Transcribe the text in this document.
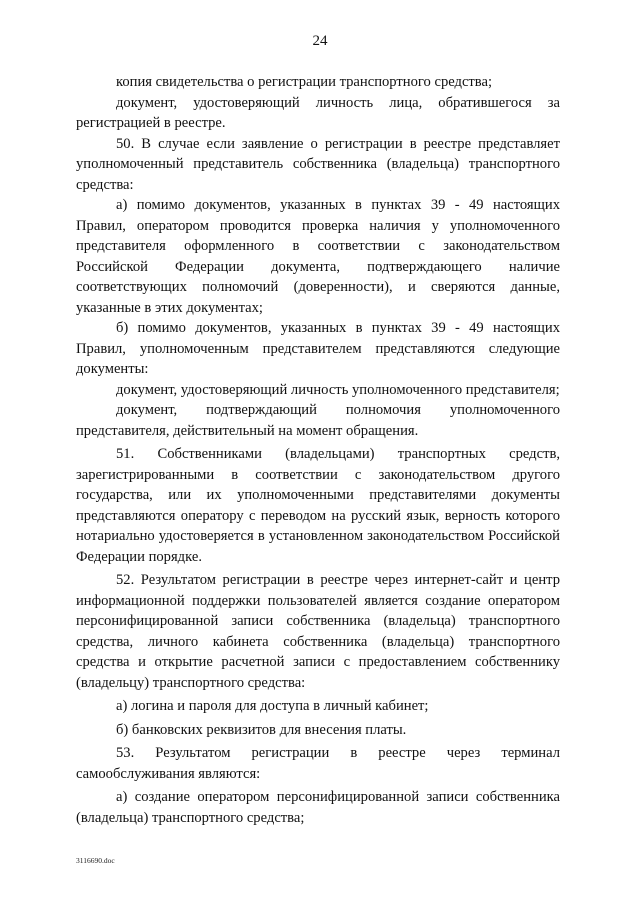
24

копия свидетельства о регистрации транспортного средства;

документ, удостоверяющий личность лица, обратившегося за регистрацией в реестре.

50. В случае если заявление о регистрации в реестре представляет уполномоченный представитель собственника (владельца) транспортного средства:

а) помимо документов, указанных в пунктах 39 - 49 настоящих Правил, оператором проводится проверка наличия у уполномоченного представителя оформленного в соответствии с законодательством Российской Федерации документа, подтверждающего наличие соответствующих полномочий (доверенности), и сверяются данные, указанные в этих документах;

б) помимо документов, указанных в пунктах 39 - 49 настоящих Правил, уполномоченным представителем представляются следующие документы:

документ, удостоверяющий личность уполномоченного представителя;

документ, подтверждающий полномочия уполномоченного представителя, действительный на момент обращения.

51. Собственниками (владельцами) транспортных средств, зарегистрированными в соответствии с законодательством другого государства, или их уполномоченными представителями документы представляются оператору с переводом на русский язык, верность которого нотариально удостоверяется в установленном законодательством Российской Федерации порядке.

52. Результатом регистрации в реестре через интернет-сайт и центр информационной поддержки пользователей является создание оператором персонифицированной записи собственника (владельца) транспортного средства, личного кабинета собственника (владельца) транспортного средства и открытие расчетной записи с предоставлением собственнику (владельцу) транспортного средства:

а) логина и пароля для доступа в личный кабинет;

б) банковских реквизитов для внесения платы.

53. Результатом регистрации в реестре через терминал самообслуживания являются:

а) создание оператором персонифицированной записи собственника (владельца) транспортного средства;

3116690.doc
